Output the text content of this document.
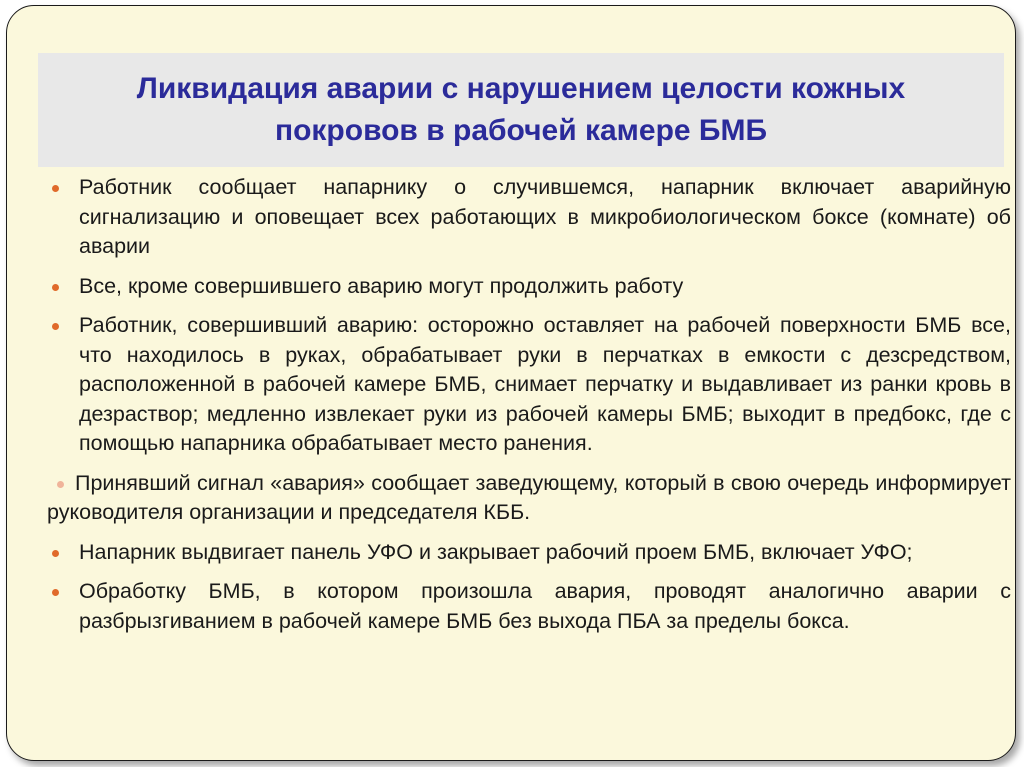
Ликвидация аварии с нарушением целости кожных покровов в рабочей камере БМБ

Работник сообщает напарнику о случившемся, напарник включает аварийную сигнализацию и оповещает всех работающих в микробиологическом боксе (комнате) об аварии

Все, кроме совершившего аварию могут продолжить работу

Работник, совершивший аварию: осторожно оставляет на рабочей поверхности БМБ все, что находилось в руках, обрабатывает руки в перчатках в емкости с дезсредством, расположенной в рабочей камере БМБ, снимает перчатку и выдавливает из ранки кровь в дезраствор; медленно извлекает руки из рабочей камеры БМБ; выходит в предбокс, где с помощью напарника обрабатывает место ранения.

Принявший сигнал «авария» сообщает заведующему, который в свою очередь информирует руководителя организации и председателя КББ.

Напарник выдвигает панель УФО и закрывает рабочий проем БМБ, включает УФО;

Обработку БМБ, в котором произошла авария, проводят аналогично аварии с разбрызгиванием в рабочей камере БМБ без выхода ПБА за пределы бокса.
